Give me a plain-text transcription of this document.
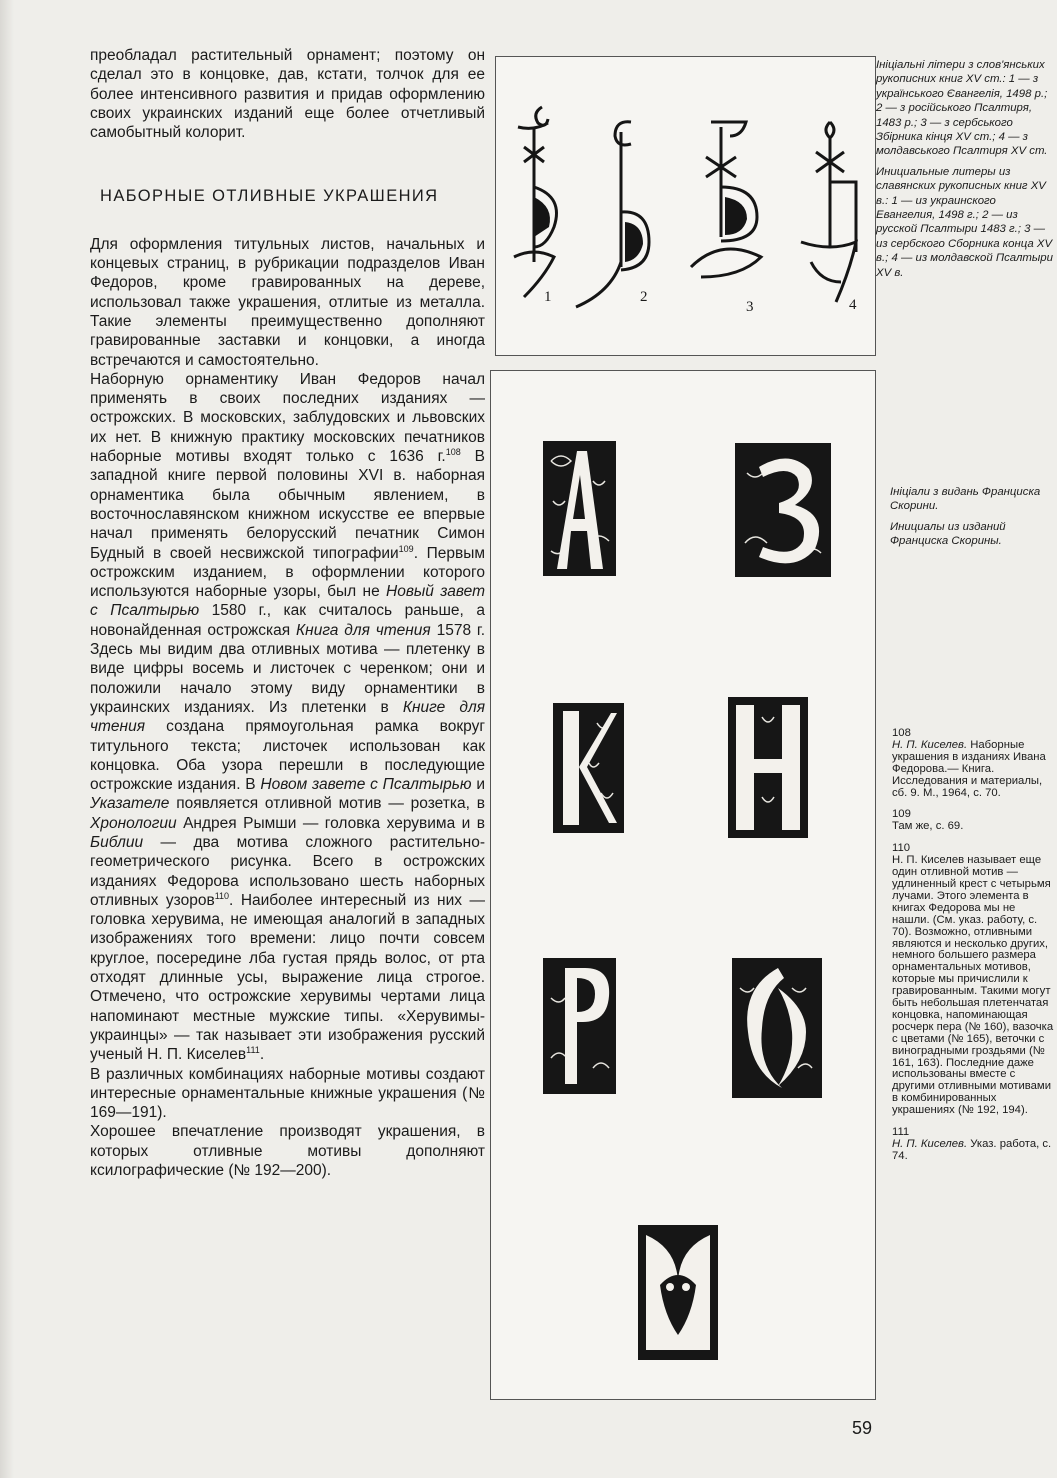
преобладал растительный орнамент; поэтому он сделал это в концовке, дав, кстати, толчок для ее более интенсивного развития и придав оформлению своих украинских изданий еще более отчетливый самобытный колорит.

НАБОРНЫЕ ОТЛИВНЫЕ УКРАШЕНИЯ

Для оформления титульных листов, начальных и концевых страниц, в рубрикации подразделов Иван Федоров, кроме гравированных на дереве, использовал также украшения, отлитые из металла. Такие элементы преимущественно дополняют гравированные заставки и концовки, а иногда встречаются и самостоятельно.

Наборную орнаментику Иван Федоров начал применять в своих последних изданиях — острожских. В московских, заблудовских и львовских их нет. В книжную практику московских печатников наборные мотивы входят только с 1636 г.$^{108}$ В западной книге первой половины XVI в. наборная орнаментика была обычным явлением, в восточнославянском книжном искусстве ее впервые начал применять белорусский печатник Симон Будный в своей несвижской типографии$^{109}$. Первым острожским изданием, в оформлении которого используются наборные узоры, был не Новый завет с Псалтырью 1580 г., как считалось раньше, а новонайденная острожская Книга для чтения 1578 г. Здесь мы видим два отливных мотива — плетенку в виде цифры восемь и листочек с черенком; они и положили начало этому виду орнаментики в украинских изданиях. Из плетенки в Книге для чтения создана прямоугольная рамка вокруг титульного текста; листочек использован как концовка. Оба узора перешли в последующие острожские издания. В Новом завете с Псалтырью и Указателе появляется отливной мотив — розетка, в Хронологии Андрея Рымши — головка херувима и в Библии — два мотива сложного растительно-геометрического рисунка. Всего в острожских изданиях Федорова использовано шесть наборных отливных узоров$^{110}$. Наиболее интересный из них — головка херувима, не имеющая аналогий в западных изображениях того времени: лицо почти совсем круглое, посередине лба густая прядь волос, от рта отходят длинные усы, выражение лица строгое. Отмечено, что острожские херувимы чертами лица напоминают местные мужские типы. «Херувимы-украинцы» — так называет эти изображения русский ученый Н. П. Киселев$^{111}$.

В различных комбинациях наборные мотивы создают интересные орнаментальные книжные украшения (№ 169—191).

Хорошее впечатление производят украшения, в которых отливные мотивы дополняют ксилографические (№ 192—200).

1	2
3	4

Ініціальні літери з слов'янських рукописних книг XV ст.: 1 — з українського Євангелія, 1498 р.; 2 — з російського Псалтиря, 1483 р.; 3 — з сербського Збірника кінця XV ст.; 4 — з молдавського Псалтиря XV ст.

Инициальные литеры из славянских рукописных книг XV в.: 1 — из украинского Евангелия, 1498 г.; 2 — из русской Псалтыри 1483 г.; 3 — из сербского Сборника конца XV в.; 4 — из молдавской Псалтыри XV в.

Ініціали з видань Франциска Скорини.

Инициалы из изданий Франциска Скорины.

108
Н. П. Киселев. Наборные украшения в изданиях Ивана Федорова.— Книга. Исследования и материалы, сб. 9. М., 1964, с. 70.
109
Там же, с. 69.
110
Н. П. Киселев называет еще один отливной мотив — удлиненный крест с четырьмя лучами. Этого элемента в книгах Федорова мы не нашли. (См. указ. работу, с. 70). Возможно, отливными являются и несколько других, немного большего размера орнаментальных мотивов, которые мы причислили к гравированным. Такими могут быть небольшая плетенчатая концовка, напоминающая росчерк пера (№ 160), вазочка с цветами (№ 165), веточки с виноградными гроздьями (№ 161, 163). Последние даже использованы вместе с другими отливными мотивами в комбинированных украшениях (№ 192, 194).
111
Н. П. Киселев. Указ. работа, с. 74.
59
